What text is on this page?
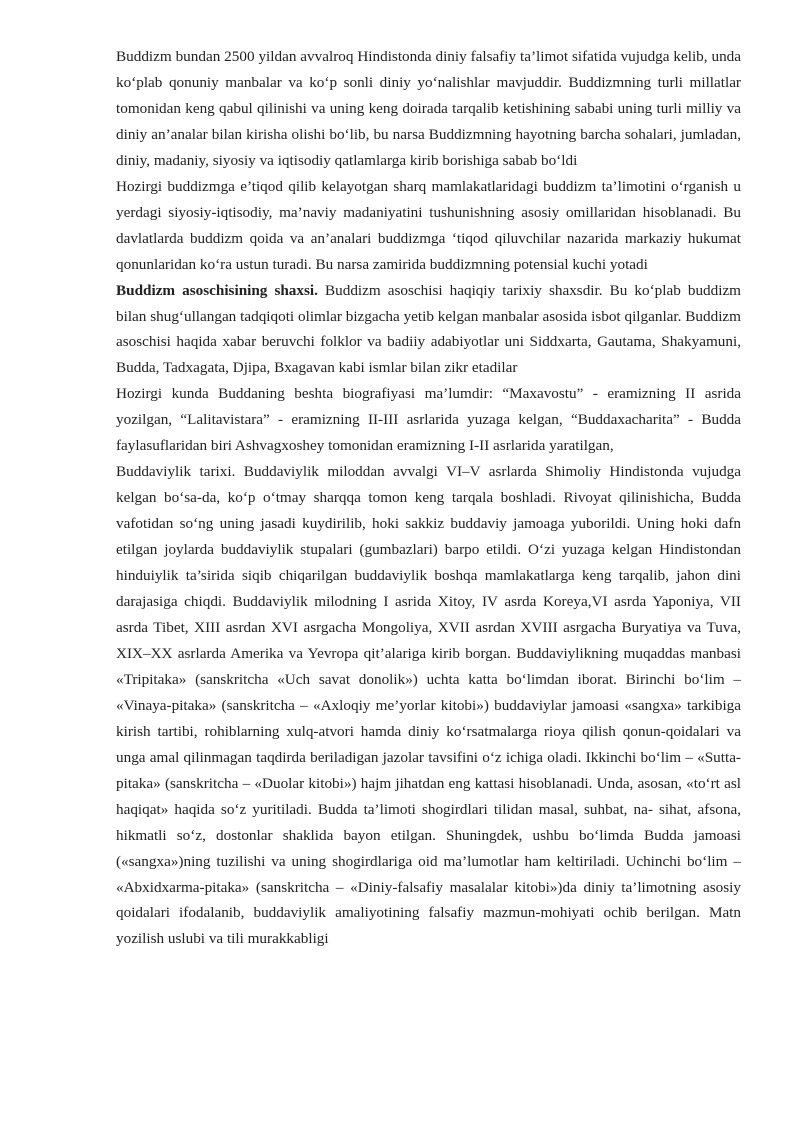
Buddizm bundan 2500 yildan avvalroq Hindistonda diniy falsafiy ta’limot sifatida vujudga kelib, unda ko‘plab qonuniy manbalar va ko‘p sonli diniy yo‘nalishlar mavjuddir. Buddizmning turli millatlar tomonidan keng qabul qilinishi va uning keng doirada tarqalib ketishining sababi uning turli milliy va diniy an’analar bilan kirisha olishi bo‘lib, bu narsa Buddizmning hayotning barcha sohalari, jumladan, diniy, madaniy, siyosiy va iqtisodiy qatlamlarga kirib borishiga sabab bo‘ldi
Hozirgi buddizmga e’tiqod qilib kelayotgan sharq mamlakatlaridagi buddizm ta’limotini o‘rganish u yerdagi siyosiy-iqtisodiy, ma’naviy madaniyatini tushunishning asosiy omillaridan hisoblanadi. Bu davlatlarda buddizm qoida va an’analari buddizmga ‘tiqod qiluvchilar nazarida markaziy hukumat qonunlaridan ko‘ra ustun turadi. Bu narsa zamirida buddizmning potensial kuchi yotadi
Buddizm asoschisining shaxsi. Buddizm asoschisi haqiqiy tarixiy shaxsdir. Bu ko‘plab buddizm bilan shug‘ullangan tadqiqoti olimlar bizgacha yetib kelgan manbalar asosida isbot qilganlar. Buddizm asoschisi haqida xabar beruvchi folklor va badiiy adabiyotlar uni Siddxarta, Gautama, Shakyamuni, Budda, Tadxagata, Djipa, Bxagavan kabi ismlar bilan zikr etadilar
Hozirgi kunda Buddaning beshta biografiyasi ma’lumdir: “Maxavostu” - eramizning II asrida yozilgan, “Lalitavistara” - eramizning II-III asrlarida yuzaga kelgan, “Buddaxacharita” - Budda faylasuflaridan biri Ashvagxoshey tomonidan eramizning I-II asrlarida yaratilgan,
Buddaviylik tarixi. Buddaviylik miloddan avvalgi VI–V asrlarda Shimoliy Hindistonda vujudga kelgan bo‘sa-da, ko‘p o‘tmay sharqqa tomon keng tarqala boshladi. Rivoyat qilinishicha, Budda vafotidan so‘ng uning jasadi kuydirilib, hoki sakkiz buddaviy jamoaga yuborildi. Uning hoki dafn etilgan joylarda buddaviylik stupalari (gumbazlari) barpo etildi. O‘zi yuzaga kelgan Hindistondan hinduiylik ta’sirida siqib chiqarilgan buddaviylik boshqa mamlakatlarga keng tarqalib, jahon dini darajasiga chiqdi. Buddaviylik milodning I asrida Xitoy, IV asrda Koreya,VI asrda Yaponiya, VII asrda Tibet, XIII asrdan XVI asrgacha Mongoliya, XVII asrdan XVIII asrgacha Buryatiya va Tuva, XIX–XX asrlarda Amerika va Yevropa qit’alariga kirib borgan. Buddaviylikning muqaddas manbasi «Tripitaka» (sanskritcha «Uch savat donolik») uchta katta bo‘limdan iborat. Birinchi bo‘lim – «Vinaya-pitaka» (sanskritcha – «Axloqiy me’yorlar kitobi») buddaviylar jamoasi «sangxa» tarkibiga kirish tartibi, rohiblarning xulq-atvori hamda diniy ko‘rsatmalarga rioya qilish qonun-qoidalari va unga amal qilinmagan taqdirda beriladigan jazolar tavsifini o‘z ichiga oladi. Ikkinchi bo‘lim – «Sutta-pitaka» (sanskritcha – «Duolar kitobi») hajm jihatdan eng kattasi hisoblanadi. Unda, asosan, «to‘rt asl haqiqat» haqida so‘z yuritiladi. Budda ta’limoti shogirdlari tilidan masal, suhbat, na- sihat, afsona, hikmatli so‘z, dostonlar shaklida bayon etilgan. Shuningdek, ushbu bo‘limda Budda jamoasi («sangxa»)ning tuzilishi va uning shogirdlariga oid ma’lumotlar ham keltiriladi. Uchinchi bo‘lim – «Abxidxarma-pitaka» (sanskritcha – «Diniy-falsafiy masalalar kitobi»)da diniy ta’limotning asosiy qoidalari ifodalanib, buddaviylik amaliyotining falsafiy mazmun-mohiyati ochib berilgan. Matn yozilish uslubi va tili murakkabligi
